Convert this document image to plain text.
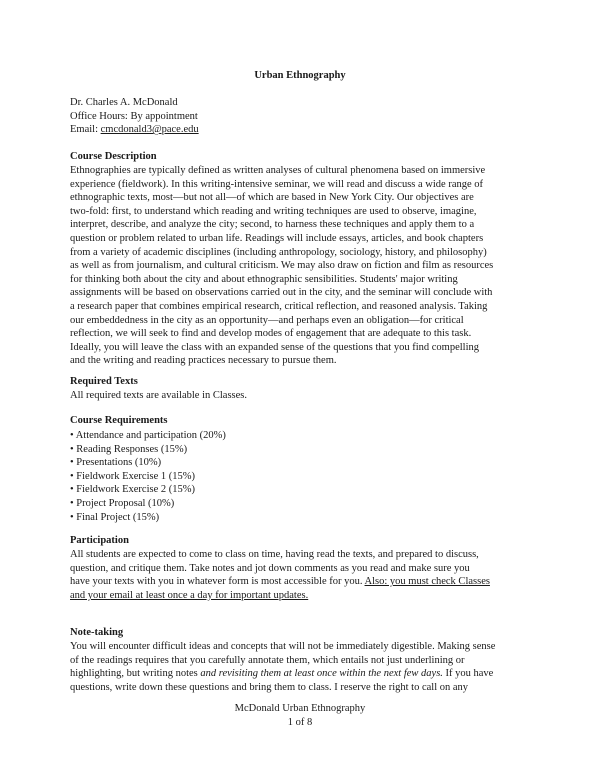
Urban Ethnography
Dr. Charles A. McDonald
Office Hours: By appointment
Email: cmcdonald3@pace.edu
Course Description
Ethnographies are typically defined as written analyses of cultural phenomena based on immersive
experience (fieldwork). In this writing-intensive seminar, we will read and discuss a wide range of
ethnographic texts, most—but not all—of which are based in New York City. Our objectives are
two-fold: first, to understand which reading and writing techniques are used to observe, imagine,
interpret, describe, and analyze the city; second, to harness these techniques and apply them to a
question or problem related to urban life. Readings will include essays, articles, and book chapters
from a variety of academic disciplines (including anthropology, sociology, history, and philosophy)
as well as from journalism, and cultural criticism. We may also draw on fiction and film as resources
for thinking both about the city and about ethnographic sensibilities. Students' major writing
assignments will be based on observations carried out in the city, and the seminar will conclude with
a research paper that combines empirical research, critical reflection, and reasoned analysis. Taking
our embeddedness in the city as an opportunity—and perhaps even an obligation—for critical
reflection, we will seek to find and develop modes of engagement that are adequate to this task.
Ideally, you will leave the class with an expanded sense of the questions that you find compelling
and the writing and reading practices necessary to pursue them.
Required Texts
All required texts are available in Classes.
Course Requirements
• Attendance and participation (20%)
• Reading Responses (15%)
• Presentations (10%)
• Fieldwork Exercise 1 (15%)
• Fieldwork Exercise 2 (15%)
• Project Proposal (10%)
• Final Project (15%)
Participation
All students are expected to come to class on time, having read the texts, and prepared to discuss,
question, and critique them. Take notes and jot down comments as you read and make sure you
have your texts with you in whatever form is most accessible for you. Also: you must check Classes
and your email at least once a day for important updates.
Note-taking
You will encounter difficult ideas and concepts that will not be immediately digestible. Making sense
of the readings requires that you carefully annotate them, which entails not just underlining or
highlighting, but writing notes and revisiting them at least once within the next few days. If you have
questions, write down these questions and bring them to class. I reserve the right to call on any
McDonald Urban Ethnography
1 of 8
